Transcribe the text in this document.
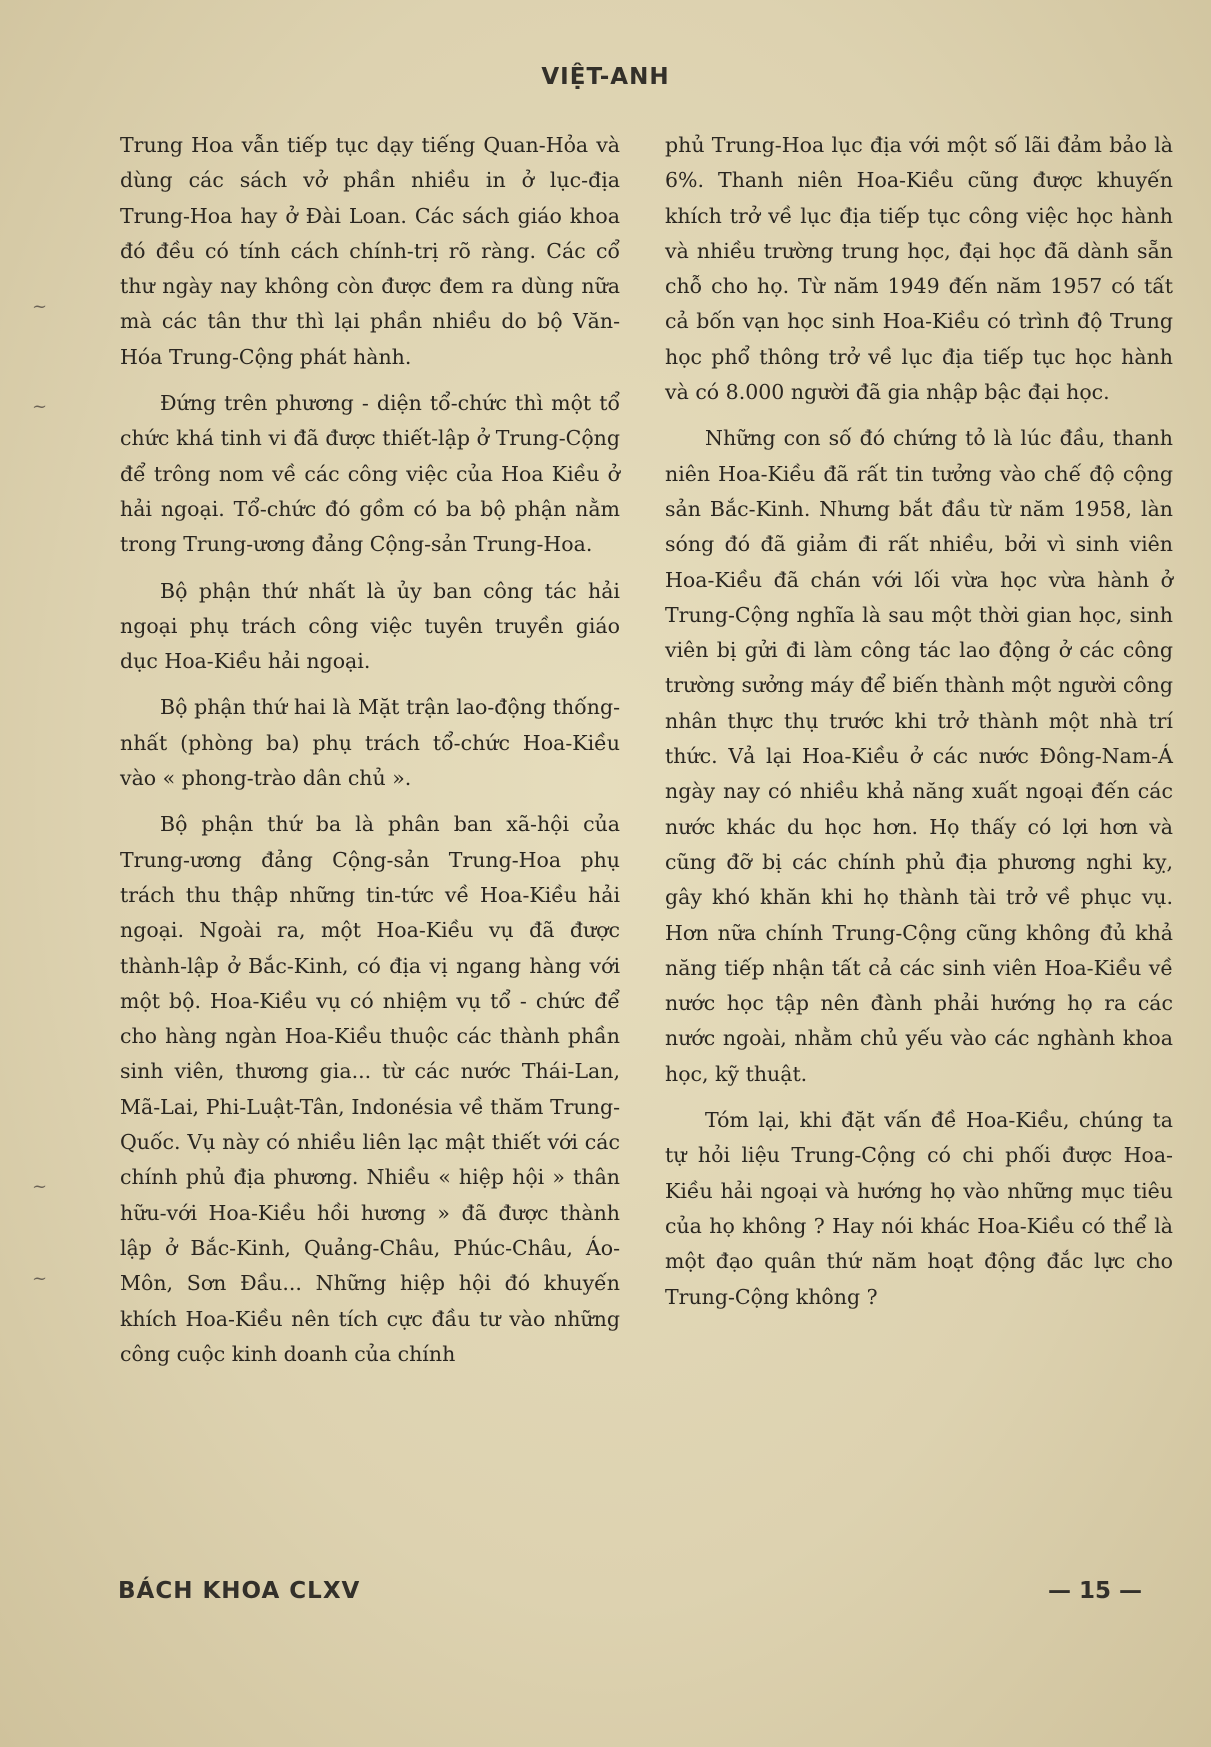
VIỆT-ANH
~
~
~
~

Trung Hoa vẫn tiếp tục dạy tiếng Quan-Hỏa và dùng các sách vở phần nhiều in ở lục-địa Trung-Hoa hay ở Đài Loan. Các sách giáo khoa đó đều có tính cách chính-trị rõ ràng. Các cổ thư ngày nay không còn được đem ra dùng nữa mà các tân thư thì lại phần nhiều do bộ Văn-Hóa Trung-Cộng phát hành.

Đứng trên phương - diện tổ-chức thì một tổ chức khá tinh vi đã được thiết-lập ở Trung-Cộng để trông nom về các công việc của Hoa Kiều ở hải ngoại. Tổ-chức đó gồm có ba bộ phận nằm trong Trung-ương đảng Cộng-sản Trung-Hoa.

Bộ phận thứ nhất là ủy ban công tác hải ngoại phụ trách công việc tuyên truyền giáo dục Hoa-Kiều hải ngoại.

Bộ phận thứ hai là Mặt trận lao-động thống-nhất (phòng ba) phụ trách tổ-chức Hoa-Kiều vào « phong-trào dân chủ ».

Bộ phận thứ ba là phân ban xã-hội của Trung-ương đảng Cộng-sản Trung-Hoa phụ trách thu thập những tin-tức về Hoa-Kiều hải ngoại. Ngoài ra, một Hoa-Kiều vụ đã được thành-lập ở Bắc-Kinh, có địa vị ngang hàng với một bộ. Hoa-Kiều vụ có nhiệm vụ tổ - chức để cho hàng ngàn Hoa-Kiều thuộc các thành phần sinh viên, thương gia... từ các nước Thái-Lan, Mã-Lai, Phi-Luật-Tân, Indonésia về thăm Trung-Quốc. Vụ này có nhiều liên lạc mật thiết với các chính phủ địa phương. Nhiều « hiệp hội » thân hữu-với Hoa-Kiều hồi hương » đã được thành lập ở Bắc-Kinh, Quảng-Châu, Phúc-Châu, Áo-Môn, Sơn Đầu... Những hiệp hội đó khuyến khích Hoa-Kiều nên tích cực đầu tư vào những công cuộc kinh doanh của chính

phủ Trung-Hoa lục địa với một số lãi đảm bảo là 6%. Thanh niên Hoa-Kiều cũng được khuyến khích trở về lục địa tiếp tục công việc học hành và nhiều trường trung học, đại học đã dành sẵn chỗ cho họ. Từ năm 1949 đến năm 1957 có tất cả bốn vạn học sinh Hoa-Kiều có trình độ Trung học phổ thông trở về lục địa tiếp tục học hành và có 8.000 người đã gia nhập bậc đại học.

Những con số đó chứng tỏ là lúc đầu, thanh niên Hoa-Kiều đã rất tin tưởng vào chế độ cộng sản Bắc-Kinh. Nhưng bắt đầu từ năm 1958, làn sóng đó đã giảm đi rất nhiều, bởi vì sinh viên Hoa-Kiều đã chán với lối vừa học vừa hành ở Trung-Cộng nghĩa là sau một thời gian học, sinh viên bị gửi đi làm công tác lao động ở các công trường sưởng máy để biến thành một người công nhân thực thụ trước khi trở thành một nhà trí thức. Vả lại Hoa-Kiều ở các nước Đông-Nam-Á ngày nay có nhiều khả năng xuất ngoại đến các nước khác du học hơn. Họ thấy có lợi hơn và cũng đỡ bị các chính phủ địa phương nghi kỵ, gây khó khăn khi họ thành tài trở về phục vụ. Hơn nữa chính Trung-Cộng cũng không đủ khả năng tiếp nhận tất cả các sinh viên Hoa-Kiều về nước học tập nên đành phải hướng họ ra các nước ngoài, nhằm chủ yếu vào các nghành khoa học, kỹ thuật.

Tóm lại, khi đặt vấn đề Hoa-Kiều, chúng ta tự hỏi liệu Trung-Cộng có chi phối được Hoa-Kiều hải ngoại và hướng họ vào những mục tiêu của họ không ? Hay nói khác Hoa-Kiều có thể là một đạo quân thứ năm hoạt động đắc lực cho Trung-Cộng không ?

BÁCH KHOA CLXV	— 15 —
